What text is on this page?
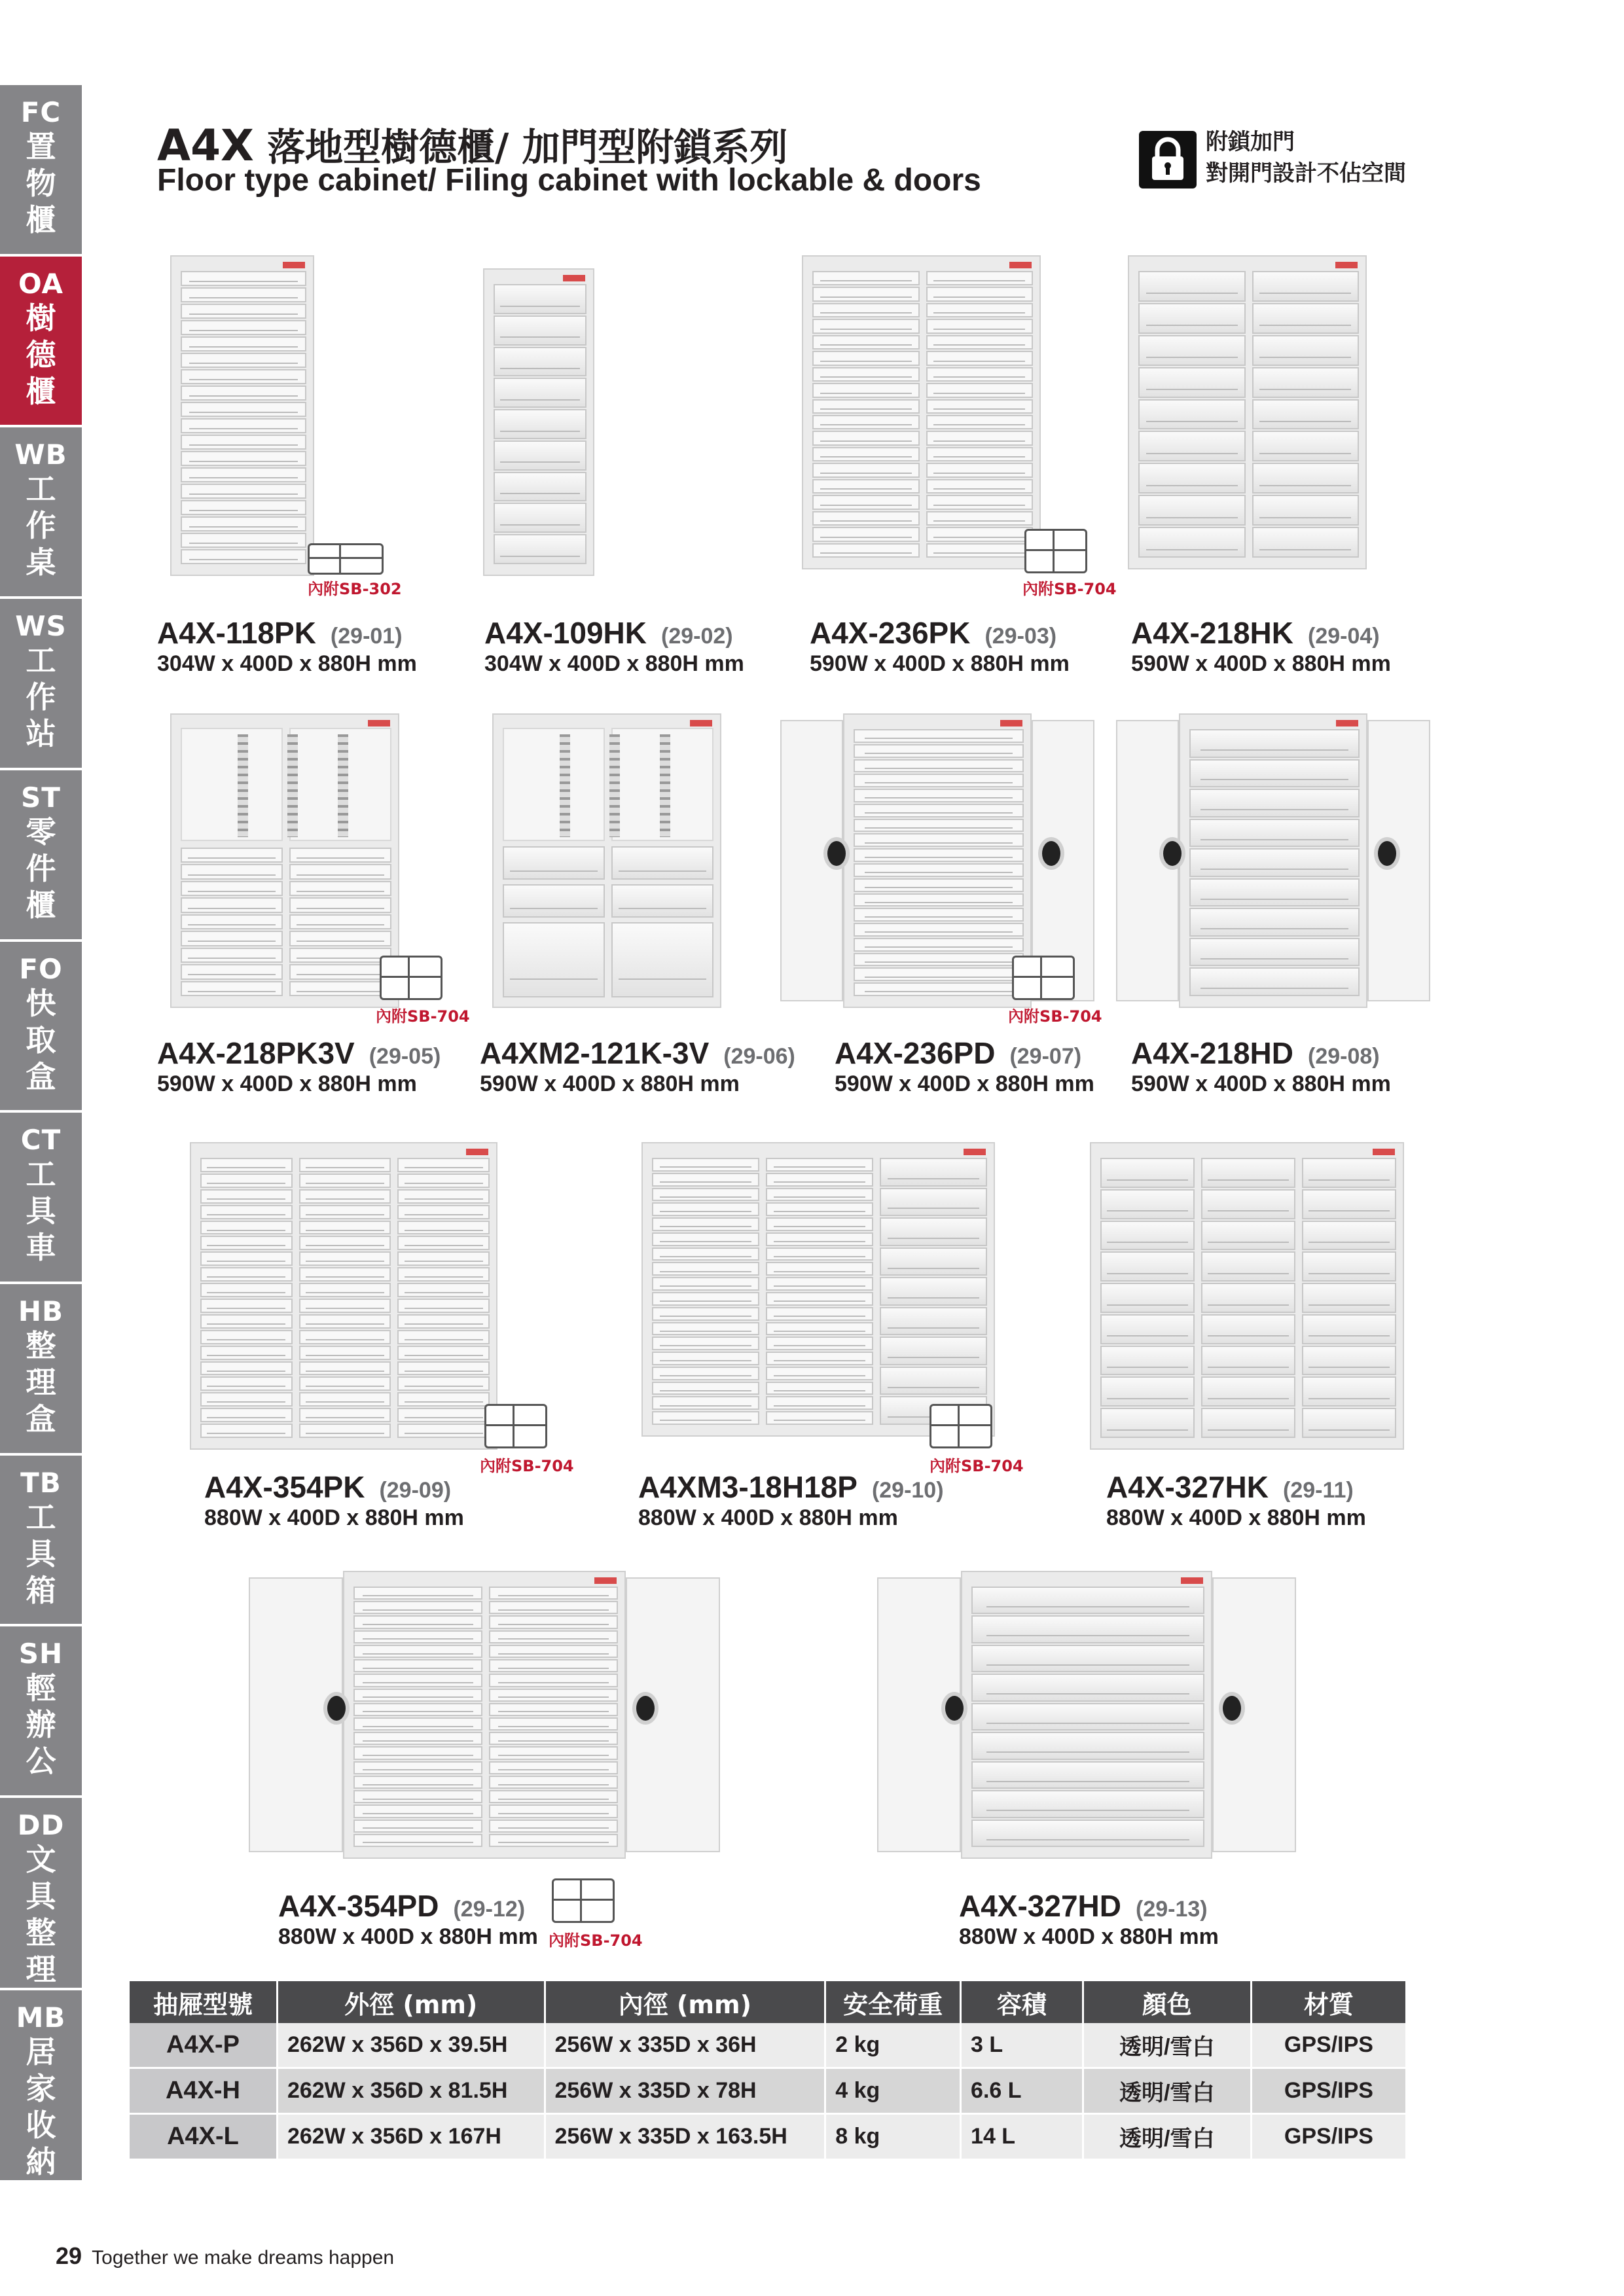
FC
置
物
櫃
OA
樹
德
櫃
WB
工
作
桌
WS
工
作
站
ST
零
件
櫃
FO
快
取
盒
CT
工
具
車
HB
整
理
盒
TB
工
具
箱
SH
輕
辦
公
DD
文
具
整
理
MB
居
家
收
納
A4X 落地型樹德櫃/ 加門型附鎖系列
Floor type cabinet/ Filing cabinet with lockable & doors
附鎖加門
對開門設計不佔空間
A4X-118PK (29-01)
304W x 400D x 880H mm
內附SB-302
A4X-109HK (29-02)
304W x 400D x 880H mm
A4X-236PK (29-03)
590W x 400D x 880H mm
內附SB-704
A4X-218HK (29-04)
590W x 400D x 880H mm
A4X-218PK3V (29-05)
590W x 400D x 880H mm
內附SB-704
A4XM2-121K-3V (29-06)
590W x 400D x 880H mm
A4X-236PD (29-07)
590W x 400D x 880H mm
內附SB-704
A4X-218HD (29-08)
590W x 400D x 880H mm
A4X-354PK (29-09)
880W x 400D x 880H mm
內附SB-704
A4XM3-18H18P (29-10)
880W x 400D x 880H mm
內附SB-704
A4X-327HK (29-11)
880W x 400D x 880H mm
A4X-354PD (29-12)
880W x 400D x 880H mm 內附SB-704
A4X-327HD (29-13)
880W x 400D x 880H mm
抽屜型號	外徑 (mm)	內徑 (mm)	安全荷重	容積	顏色	材質
A4X-P	262W x 356D x 39.5H	256W x 335D x 36H	2 kg	3 L	透明/雪白	GPS/IPS
A4X-H	262W x 356D x 81.5H	256W x 335D x 78H	4 kg	6.6 L	透明/雪白	GPS/IPS
A4X-L	262W x 356D x 167H	256W x 335D x 163.5H	8 kg	14 L	透明/雪白	GPS/IPS
29 Together we make dreams happen
